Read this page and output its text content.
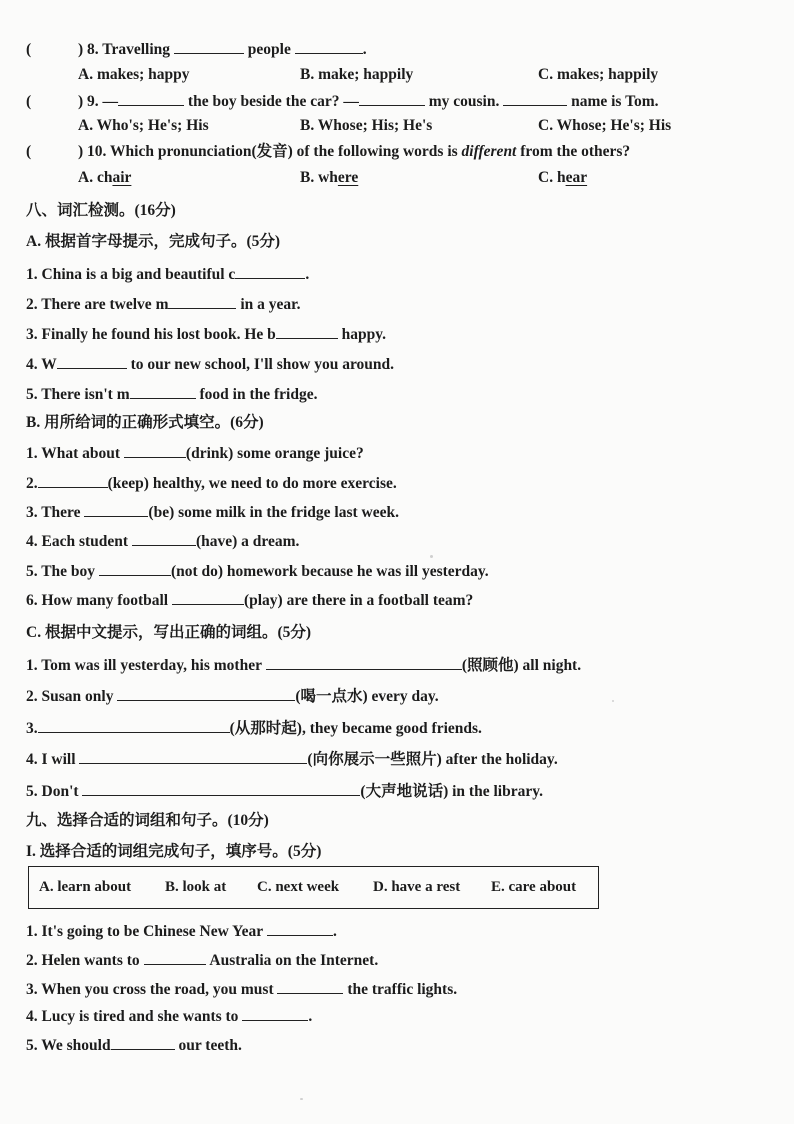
(	) 8. Travelling	people	.
A. makes; happy	B. make; happily	C. makes; happily
(	) 9. —	the boy beside the car? —	my cousin.	name is Tom.
A. Who's; He's; His	B. Whose; His; He's	C. Whose; He's; His
(	) 10. Which pronunciation(发音) of the following words is different from the others?
A. chair	B. where	C. hear
八、词汇检测。(16分)
A. 根据首字母提示，完成句子。(5分)
1. China is a big and beautiful c	.
2. There are twelve m	in a year.
3. Finally he found his lost book. He b	happy.
4. W	to our new school, I'll show you around.
5. There isn't m	food in the fridge.
B. 用所给词的正确形式填空。(6分)
1. What about	(drink) some orange juice?
2.	(keep) healthy, we need to do more exercise.
3. There	(be) some milk in the fridge last week.
4. Each student	(have) a dream.
5. The boy	(not do) homework because he was ill yesterday.
6. How many football	(play) are there in a football team?
C. 根据中文提示，写出正确的词组。(5分)
1. Tom was ill yesterday, his mother	(照顾他) all night.
2. Susan only	(喝一点水) every day.
3.	(从那时起), they became good friends.
4. I will	(向你展示一些照片) after the holiday.
5. Don't	(大声地说话) in the library.
九、选择合适的词组和句子。(10分)
I. 选择合适的词组完成句子，填序号。(5分)
A. learn about B. look at C. next week D. have a rest E. care about
1. It's going to be Chinese New Year	.
2. Helen wants to	Australia on the Internet.
3. When you cross the road, you must	the traffic lights.
4. Lucy is tired and she wants to	.
5. We should	our teeth.
